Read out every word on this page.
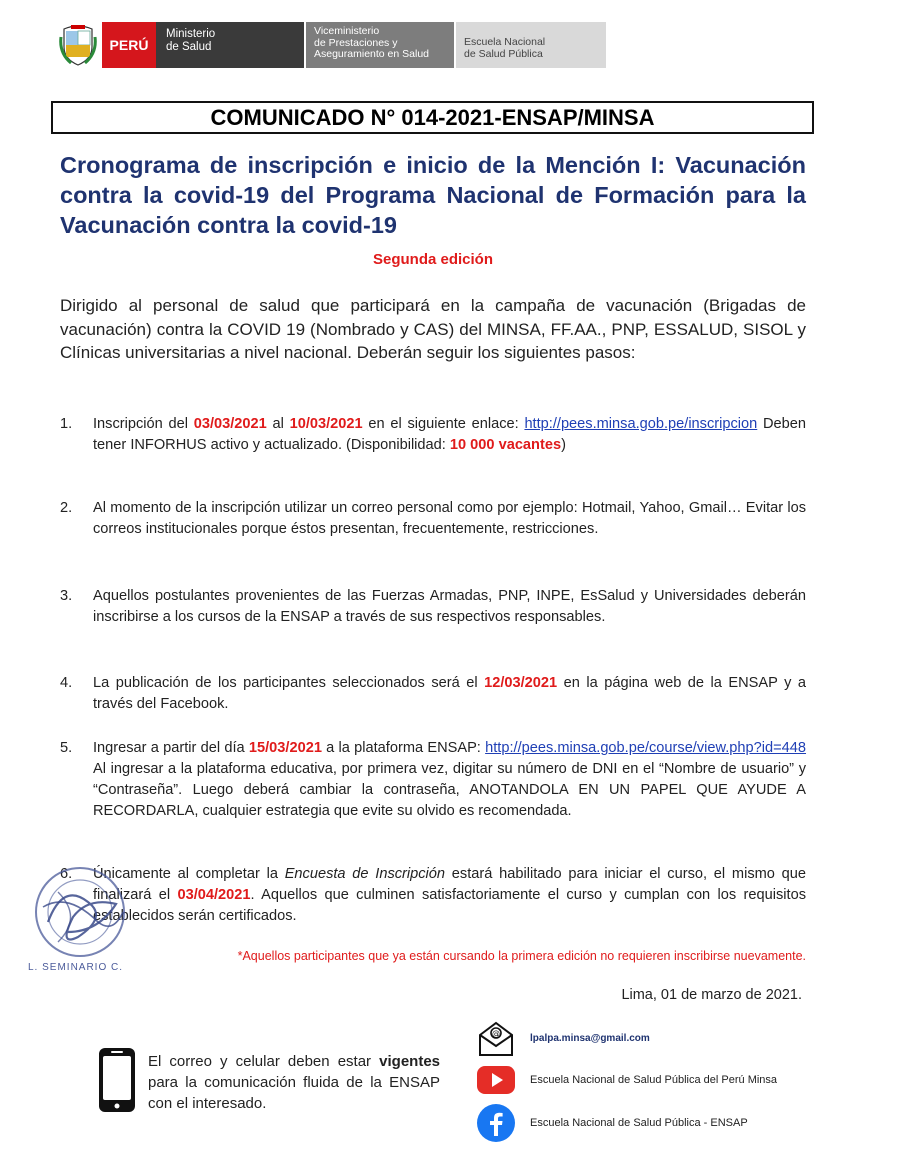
PERÚ
Ministerio
de Salud
Viceministerio
de Prestaciones y
Aseguramiento en Salud
Escuela Nacional
de Salud Pública
COMUNICADO N° 014-2021-ENSAP/MINSA
Cronograma de inscripción e inicio de la Mención I: Vacunación contra la covid-19 del Programa Nacional de Formación para la Vacunación contra la covid-19
Segunda edición
Dirigido al personal de salud que participará en la campaña de vacunación (Brigadas de vacunación) contra la COVID 19 (Nombrado y CAS) del MINSA, FF.AA., PNP, ESSALUD, SISOL y Clínicas universitarias a nivel nacional. Deberán seguir los siguientes pasos:
1. Inscripción del 03/03/2021 al 10/03/2021 en el siguiente enlace: http://pees.minsa.gob.pe/inscripcion Deben tener INFORHUS activo y actualizado. (Disponibilidad: 10 000 vacantes)
2. Al momento de la inscripción utilizar un correo personal como por ejemplo: Hotmail, Yahoo, Gmail… Evitar los correos institucionales porque éstos presentan, frecuentemente, restricciones.
3. Aquellos postulantes provenientes de las Fuerzas Armadas, PNP, INPE, EsSalud y Universidades deberán inscribirse a los cursos de la ENSAP a través de sus respectivos responsables.
4. La publicación de los participantes seleccionados será el 12/03/2021 en la página web de la ENSAP y a través del Facebook.
5. Ingresar a partir del día 15/03/2021 a la plataforma ENSAP: http://pees.minsa.gob.pe/course/view.php?id=448 Al ingresar a la plataforma educativa, por primera vez, digitar su número de DNI en el “Nombre de usuario” y “Contraseña”. Luego deberá cambiar la contraseña, ANOTANDOLA EN UN PAPEL QUE AYUDE A RECORDARLA, cualquier estrategia que evite su olvido es recomendada.
6. Únicamente al completar la Encuesta de Inscripción estará habilitado para iniciar el curso, el mismo que finalizará el 03/04/2021. Aquellos que culminen satisfactoriamente el curso y cumplan con los requisitos establecidos serán certificados.
L. SEMINARIO C.
*Aquellos participantes que ya están cursando la primera edición no requieren inscribirse nuevamente.
Lima, 01 de marzo de 2021.
El correo y celular deben estar vigentes para la comunicación fluida de la ENSAP con el interesado.
@	lpalpa.minsa@gmail.com
Escuela Nacional de Salud Pública del Perú Minsa
Escuela Nacional de Salud Pública - ENSAP
